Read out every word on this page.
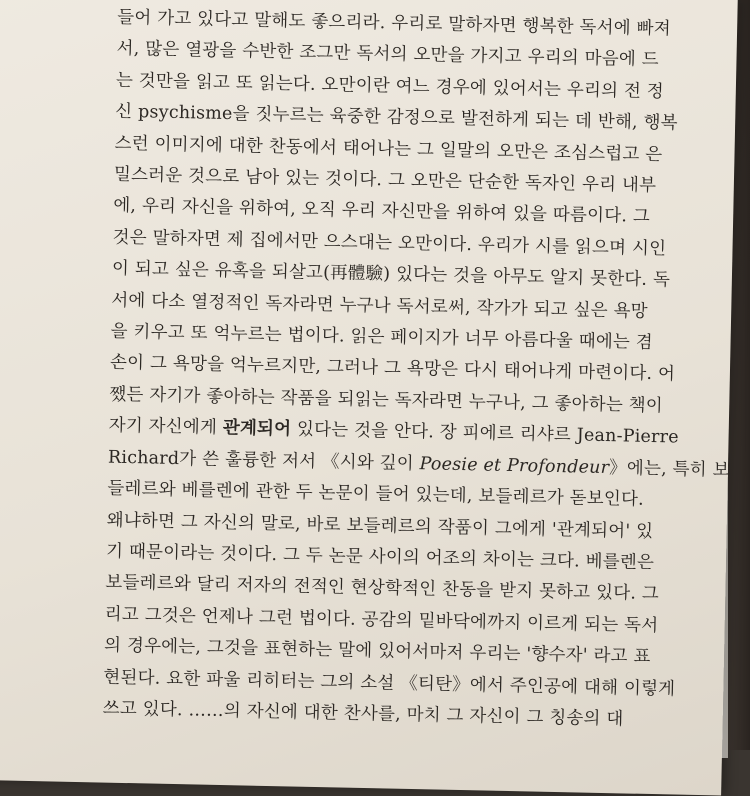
들어 가고 있다고 말해도 좋으리라. 우리로 말하자면 행복한 독서에 빠져
서, 많은 열광을 수반한 조그만 독서의 오만을 가지고 우리의 마음에 드
는 것만을 읽고 또 읽는다. 오만이란 여느 경우에 있어서는 우리의 전 정
신 psychisme을 짓누르는 육중한 감정으로 발전하게 되는 데 반해, 행복
스런 이미지에 대한 찬동에서 태어나는 그 일말의 오만은 조심스럽고 은
밀스러운 것으로 남아 있는 것이다. 그 오만은 단순한 독자인 우리 내부
에, 우리 자신을 위하여, 오직 우리 자신만을 위하여 있을 따름이다. 그
것은 말하자면 제 집에서만 으스대는 오만이다. 우리가 시를 읽으며 시인
이 되고 싶은 유혹을 되살고(再體驗) 있다는 것을 아무도 알지 못한다. 독
서에 다소 열정적인 독자라면 누구나 독서로써, 작가가 되고 싶은 욕망
을 키우고 또 억누르는 법이다. 읽은 페이지가 너무 아름다울 때에는 겸
손이 그 욕망을 억누르지만, 그러나 그 욕망은 다시 태어나게 마련이다. 어
쨌든 자기가 좋아하는 작품을 되읽는 독자라면 누구나, 그 좋아하는 책이
자기 자신에게 관계되어 있다는 것을 안다. 장 피에르 리샤르 Jean-Pierre
Richard가 쓴 훌륭한 저서 《시와 깊이 Poesie et Profondeur》에는, 특히 보
들레르와 베를렌에 관한 두 논문이 들어 있는데, 보들레르가 돋보인다.
왜냐하면 그 자신의 말로, 바로 보들레르의 작품이 그에게 '관계되어' 있
기 때문이라는 것이다. 그 두 논문 사이의 어조의 차이는 크다. 베를렌은
보들레르와 달리 저자의 전적인 현상학적인 찬동을 받지 못하고 있다. 그
리고 그것은 언제나 그런 법이다. 공감의 밑바닥에까지 이르게 되는 독서
의 경우에는, 그것을 표현하는 말에 있어서마저 우리는 '향수자' 라고 표
현된다. 요한 파울 리히터는 그의 소설 《티탄》에서 주인공에 대해 이렇게
쓰고 있다. ……의 자신에 대한 찬사를, 마치 그 자신이 그 칭송의 대
